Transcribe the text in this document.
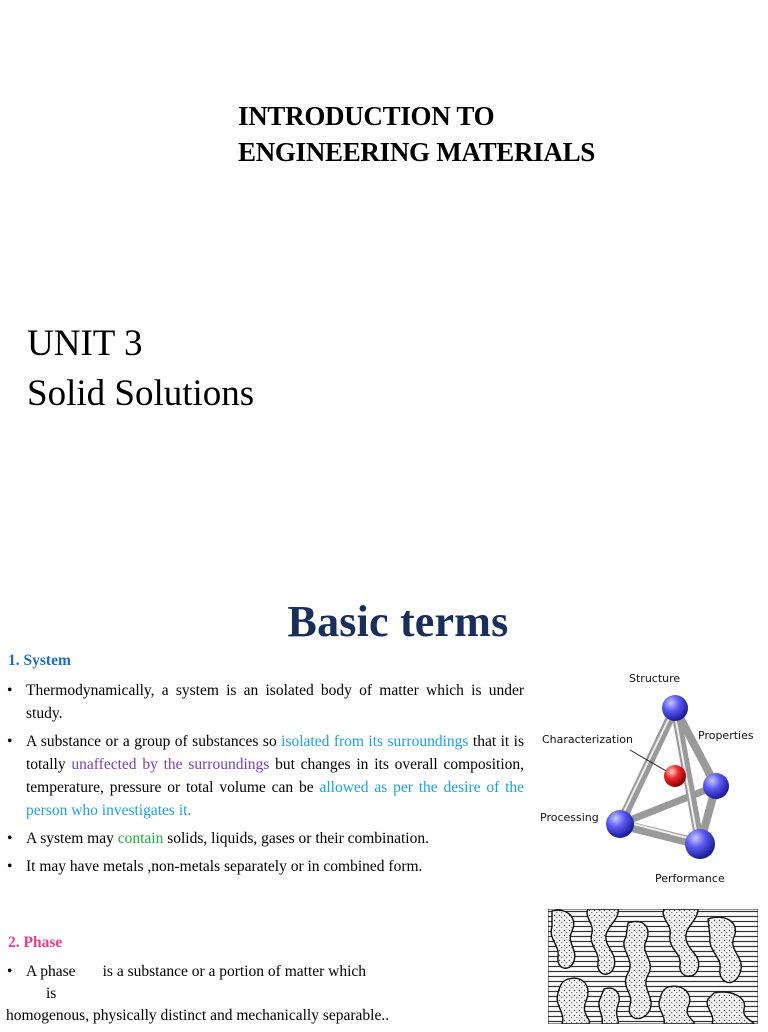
INTRODUCTION TO
ENGINEERING MATERIALS
UNIT 3
Solid Solutions
Basic terms
1. System
• Thermodynamically, a system is an isolated body of matter which is under study.
• A substance or a group of substances so isolated from its surroundings that it is totally unaffected by the surroundings but changes in its overall composition, temperature, pressure or total volume can be allowed as per the desire of the person who investigates it.
• A system may contain solids, liquids, gases or their combination.
• It may have metals ,non-metals separately or in combined form.
2. Phase
• A phase       is a substance or a portion of matter which
is
homogenous, physically distinct and mechanically separable..
Structure
Characterization	Properties
Processing
Performance
